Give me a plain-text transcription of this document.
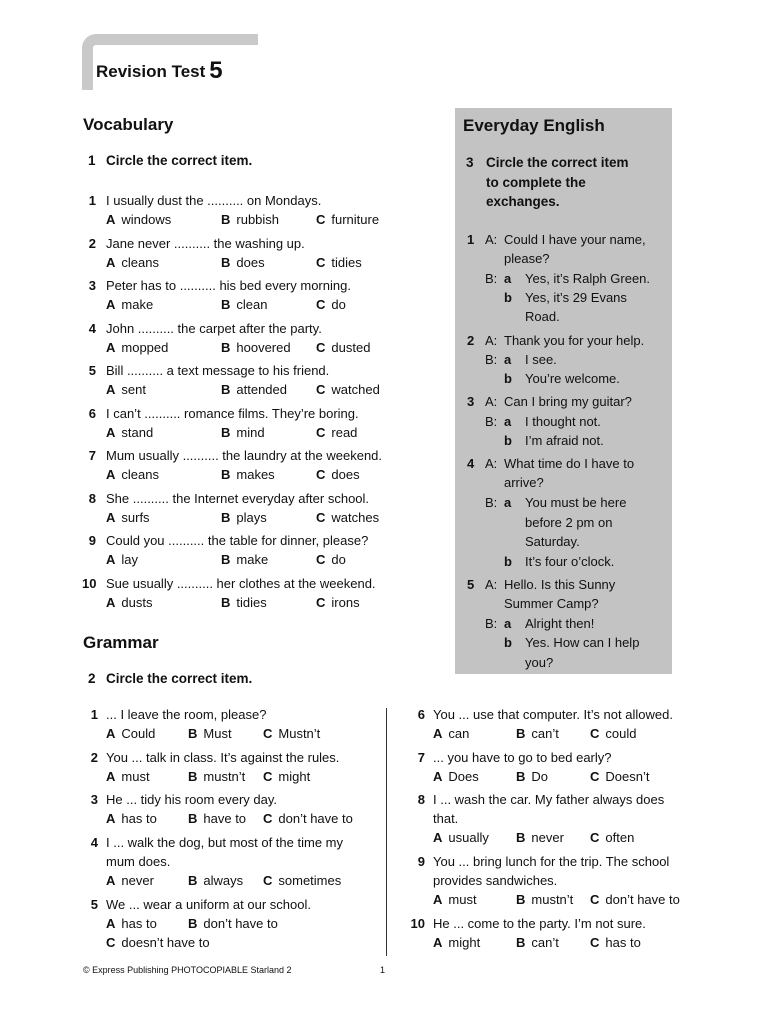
Revision Test 5
Vocabulary
1 Circle the correct item.
1 I usually dust the .......... on Mondays.
A windows	B rubbish	C furniture
2 Jane never .......... the washing up.
A cleans	B does	C tidies
3 Peter has to .......... his bed every morning.
A make	B clean	C do
4 John .......... the carpet after the party.
A mopped	B hoovered C dusted
5 Bill .......... a text message to his friend.
A sent	B attended C watched
6 I can’t .......... romance films. They’re boring.
A stand	B mind	C read
7 Mum usually .......... the laundry at the weekend.
A cleans	B makes	C does
8 She .......... the Internet everyday after school.
A surfs	B plays	C watches
9 Could you .......... the table for dinner, please?
A lay	B make	C do
10 Sue usually .......... her clothes at the weekend.
A dusts	B tidies	C irons
Everyday English
3 Circle the correct item
to complete the
exchanges.
1 A: Could I have your name,
please?
B: a Yes, it’s Ralph Green.
b Yes, it’s 29 Evans
Road.
2 A: Thank you for your help.
B: a I see.
b You’re welcome.
3 A: Can I bring my guitar?
B: a I thought not.
b I’m afraid not.
4 A: What time do I have to
arrive?
B: a You must be here
before 2 pm on
Saturday.
b It’s four o’clock.
5 A: Hello. Is this Sunny
Summer Camp?
B: a Alright then!
b Yes. How can I help
you?
Grammar
2 Circle the correct item.
1 ... I leave the room, please?
A Could	B Must C Mustn’t
2 You ... talk in class. It’s against the rules.
A must	B mustn’t C might
3 He ... tidy his room every day.
A has to B have to C don’t have to
4 I ... walk the dog, but most of the time my
mum does.
A never	B always C sometimes
5 We ... wear a uniform at our school.
A has to B don’t have to
C doesn’t have to
6 You ... use that computer. It’s not allowed.
A can	B can’t C could
7 ... you have to go to bed early?
A Does	B Do	C Doesn’t
8 I ... wash the car. My father always does
that.
A usually B never C often
9 You ... bring lunch for the trip. The school
provides sandwiches.
A must	B mustn’t C don’t have to
10 He ... come to the party. I’m not sure.
A might	B can’t C has to
© Express Publishing PHOTOCOPIABLE Starland 2	1
